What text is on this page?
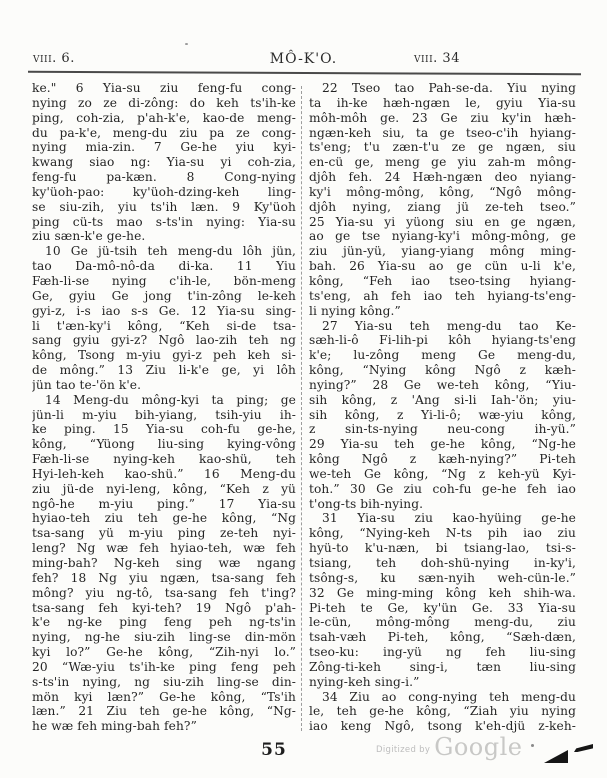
viii. 6.	MÔ-K'O.	viii. 34
ke." 6 Yia-su ziu feng-fu cong-
nying zo ze di-zông: do keh ts'ih-ke
ping, coh-zia, p'ah-k'e, kao-de meng-
du pa-k'e, meng-du ziu pa ze cong-
nying mia-zin. 7 Ge-he yiu kyi-
kwang siao ng: Yia-su yi coh-zia,
feng-fu pa-kæn. 8 Cong-nying
ky'üoh-pao: ky'üoh-dzing-keh ling-
se siu-zih, yiu ts'ih læn. 9 Ky'üoh
ping cü-ts mao s-ts'in nying: Yia-su
ziu sæn-k'e ge-he.
10 Ge jü-tsih teh meng-du lôh jün,
tao Da-mô-nô-da di-ka. 11 Yiu
Fæh-li-se nying c'ih-le, bön-meng
Ge, gyiu Ge jong t'in-zông le-keh
gyi-z, i-s iao s-s Ge. 12 Yia-su sing-
li t'æn-ky'i kông, “Keh si-de tsa-
sang gyiu gyi-z? Ngô lao-zih teh ng
kông, Tsong m-yiu gyi-z peh keh si-
de mông.” 13 Ziu li-k'e ge, yi lôh
jün tao te-'ön k'e.
14 Meng-du mông-kyi ta ping; ge
jün-li m-yiu bih-yiang, tsih-yiu ih-
ke ping. 15 Yia-su coh-fu ge-he,
kông, “Yüong liu-sing kying-vông
Fæh-li-se nying-keh kao-shü, teh
Hyi-leh-keh kao-shü.” 16 Meng-du
ziu jü-de nyi-leng, kông, “Keh z yü
ngô-he m-yiu ping.” 17 Yia-su
hyiao-teh ziu teh ge-he kông, “Ng
tsa-sang yü m-yiu ping ze-teh nyi-
leng? Ng wæ feh hyiao-teh, wæ feh
ming-bah? Ng-keh sing wæ ngang
feh? 18 Ng yiu ngæn, tsa-sang feh
mông? yiu ng-tô, tsa-sang feh t'ing?
tsa-sang feh kyi-teh? 19 Ngô p'ah-
k'e ng-ke ping feng peh ng-ts'in
nying, ng-he siu-zih ling-se din-mön
kyi lo?” Ge-he kông, “Zih-nyi lo.”
20 “Wæ-yiu ts'ih-ke ping feng peh
s-ts'in nying, ng siu-zih ling-se din-
mön kyi læn?” Ge-he kông, “Ts'ih
læn.” 21 Ziu teh ge-he kông, “Ng-
he wæ feh ming-bah feh?”
22 Tseo tao Pah-se-da. Yiu nying
ta ih-ke hæh-ngæn le, gyiu Yia-su
môh-môh ge. 23 Ge ziu ky'in hæh-
ngæn-keh siu, ta ge tseo-c'ih hyiang-
ts'eng; t'u zæn-t'u ze ge ngæn, siu
en-cü ge, meng ge yiu zah-m mông-
djôh feh. 24 Hæh-ngæn deo nyiang-
ky'i mông-mông, kông, “Ngô mông-
djôh nying, ziang jü ze-teh tseo.”
25 Yia-su yi yüong siu en ge ngæn,
ao ge tse nyiang-ky'i mông-mông, ge
ziu jün-yü, yiang-yiang mông ming-
bah. 26 Yia-su ao ge cün u-li k'e,
kông, “Feh iao tseo-tsing hyiang-
ts'eng, ah feh iao teh hyiang-ts'eng-
li nying kông.”
27 Yia-su teh meng-du tao Ke-
sæh-li-ô Fi-lih-pi kôh hyiang-ts'eng
k'e; lu-zông meng Ge meng-du,
kông, “Nying kông Ngô z kæh-
nying?” 28 Ge we-teh kông, “Yiu-
sih kông, z 'Ang si-li Iah-'ön; yiu-
sih kông, z Yi-li-ô; wæ-yiu kông,
z sin-ts-nying neu-cong ih-yü.”
29 Yia-su teh ge-he kông, “Ng-he
kông Ngô z kæh-nying?” Pi-teh
we-teh Ge kông, “Ng z keh-yü Kyi-
toh.” 30 Ge ziu coh-fu ge-he feh iao
t'ong-ts bih-nying.
31 Yia-su ziu kao-hyüing ge-he
kông, “Nying-keh N-ts pih iao ziu
hyü-to k'u-næn, bi tsiang-lao, tsi-s-
tsiang, teh doh-shü-nying in-ky'i,
tsông-s, ku sæn-nyih weh-cün-le.”
32 Ge ming-ming kông keh shih-wa.
Pi-teh te Ge, ky'ün Ge. 33 Yia-su
le-cün, mông-mông meng-du, ziu
tsah-væh Pi-teh, kông, “Sæh-dæn,
tseo-ku: ing-yü ng feh liu-sing
Zông-ti-keh sing-i, tæn liu-sing
nying-keh sing-i.”
34 Ziu ao cong-nying teh meng-du
le, teh ge-he kông, “Ziah yiu nying
iao keng Ngô, tsong k'eh-djü z-keh-
55	Digitized by Google
